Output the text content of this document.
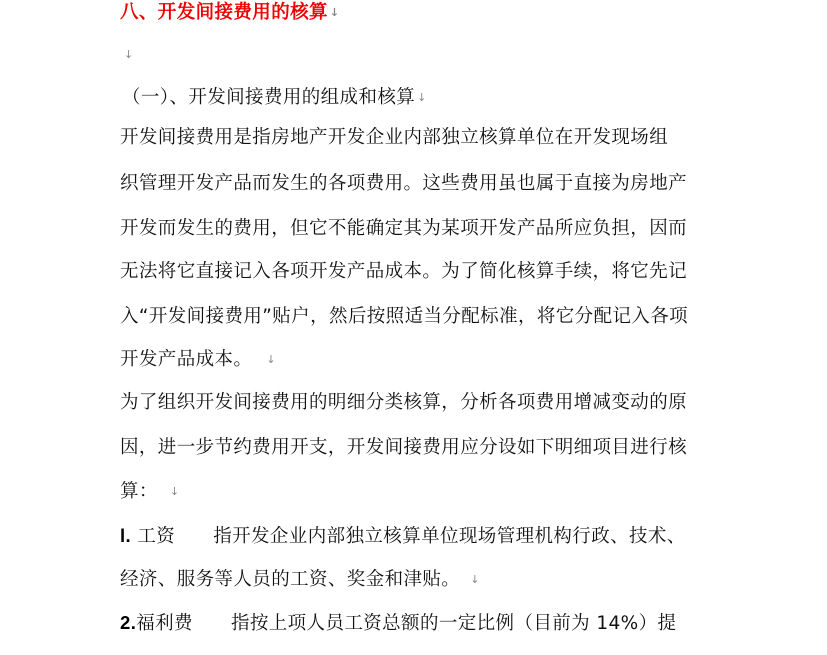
八、开发间接费用的核算 ↓
↓
（一）、开发间接费用的组成和核算 ↓
开发间接费用是指房地产开发企业内部独立核算单位在开发现场组
织管理开发产品而发生的各项费用。这些费用虽也属于直接为房地产
开发而发生的费用，但它不能确定其为某项开发产品所应负担，因而
无法将它直接记入各项开发产品成本。为了简化核算手续，将它先记
入“开发间接费用”贴户，然后按照适当分配标准，将它分配记入各项
开发产品成本。 ↓
为了组织开发间接费用的明细分类核算，分析各项费用增减变动的原
因，进一步节约费用开支，开发间接费用应分设如下明细项目进行核
算： ↓
l. 工资 指开发企业内部独立核算单位现场管理机构行政、技术、
经济、服务等人员的工资、奖金和津贴。 ↓
2.福利费 指按上项人员工资总额的一定比例（目前为 14%）提
